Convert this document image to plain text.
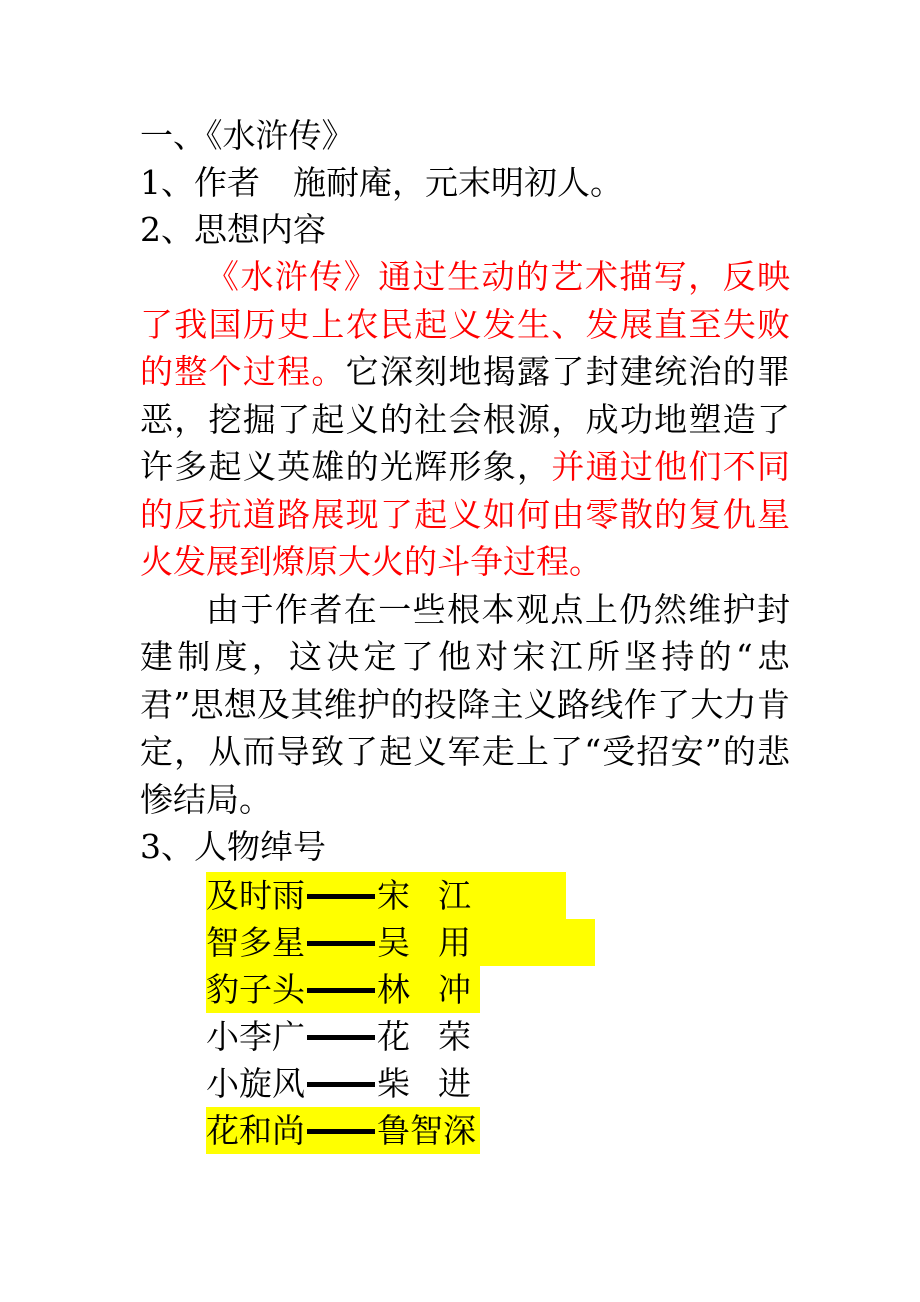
一、《水浒传》
1、作者　施耐庵，元末明初人。
2、思想内容

《水浒传》通过生动的艺术描写，反映了我国历史上农民起义发生、发展直至失败的整个过程。它深刻地揭露了封建统治的罪恶，挖掘了起义的社会根源，成功地塑造了许多起义英雄的光辉形象，并通过他们不同的反抗道路展现了起义如何由零散的复仇星火发展到燎原大火的斗争过程。

由于作者在一些根本观点上仍然维护封建制度，这决定了他对宋江所坚持的“忠君”思想及其维护的投降主义路线作了大力肯定，从而导致了起义军走上了“受招安”的悲惨结局。

3、人物绰号
及时雨 宋 江
智多星 吴 用
豹子头 林 冲
小李广 花 荣
小旋风 柴 进
花和尚 鲁智深
